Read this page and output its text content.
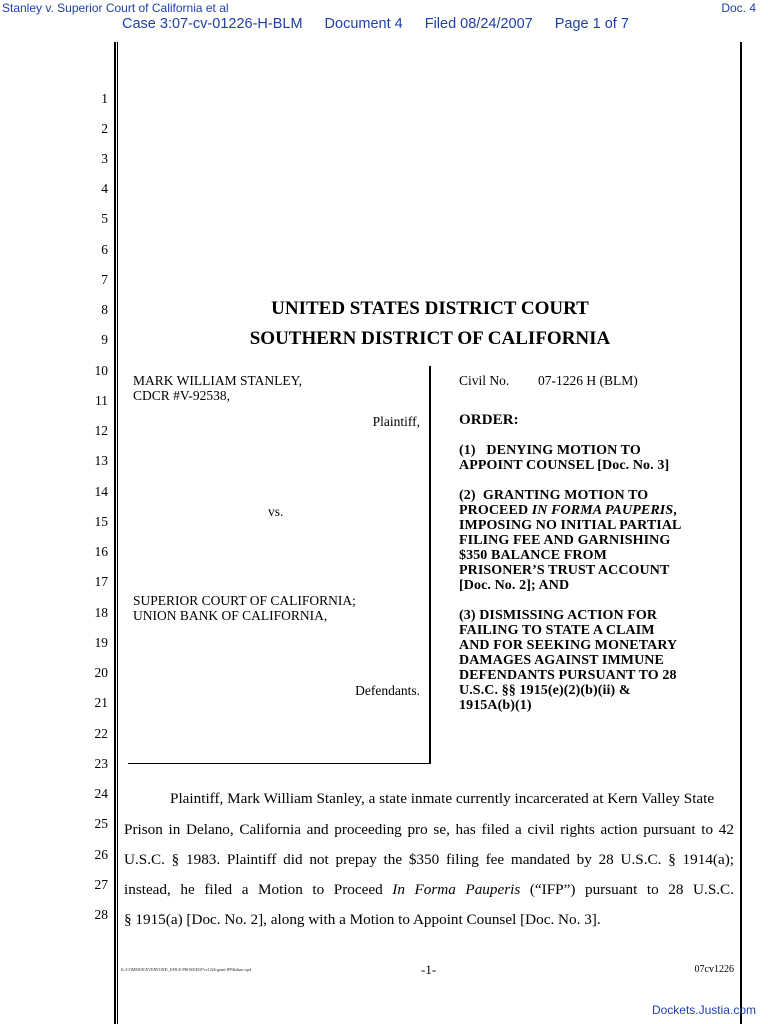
Stanley v. Superior Court of California et al	Doc. 4
Case 3:07-cv-01226-H-BLM Document 4 Filed 08/24/2007 Page 1 of 7
1
2
3
4
5
6
7
8
9
10
11
12
13
14
15
16
17
18
19
20
21
22
23
24
25
26
27
28
UNITED STATES DISTRICT COURT
SOUTHERN DISTRICT OF CALIFORNIA
MARK WILLIAM STANLEY,
CDCR #V-92538,
Plaintiff,
vs.
SUPERIOR COURT OF CALIFORNIA;
UNION BANK OF CALIFORNIA,
Defendants.
Civil No. 07-1226 H (BLM)
ORDER:
(1)   DENYING MOTION TO
APPOINT COUNSEL [Doc. No. 3]
(2)  GRANTING MOTION TO
PROCEED IN FORMA PAUPERIS,
IMPOSING NO INITIAL PARTIAL
FILING FEE AND GARNISHING
$350 BALANCE FROM
PRISONER’S TRUST ACCOUNT
[Doc. No. 2]; AND
(3) DISMISSING ACTION FOR
FAILING TO STATE A CLAIM
AND FOR SEEKING MONETARY
DAMAGES AGAINST IMMUNE
DEFENDANTS PURSUANT TO 28
U.S.C. §§ 1915(e)(2)(b)(ii) &
1915A(b)(1)
Plaintiff, Mark William Stanley, a state inmate currently incarcerated at Kern Valley State
Prison in Delano, California and proceeding pro se, has filed a civil rights action pursuant to 42
U.S.C. § 1983. Plaintiff did not prepay the $350 filing fee mandated by 28 U.S.C. § 1914(a);
instead, he filed a Motion to Proceed In Forma Pauperis (“IFP”) pursuant to 28 U.S.C.
§ 1915(a) [Doc. No. 2], along with a Motion to Appoint Counsel [Doc. No. 3].
K:\COMMON\EVERYONE\_EFILE-PROSE\H\07cv1226-grant-IFP&dism.wpd	-1-	07cv1226
Dockets.Justia.com
